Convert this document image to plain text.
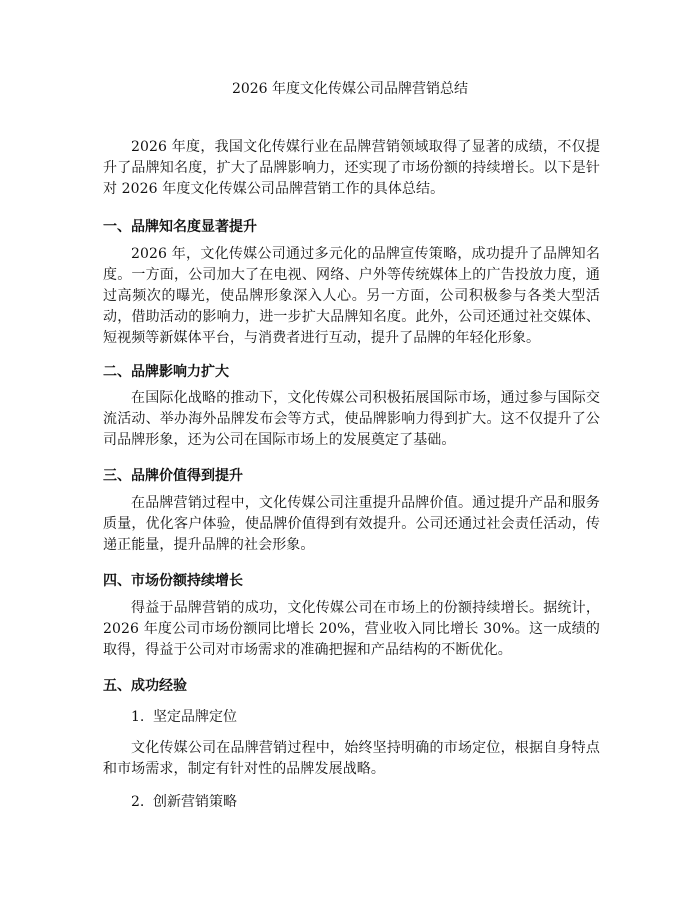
2026 年度文化传媒公司品牌营销总结

2026 年度，我国文化传媒行业在品牌营销领域取得了显著的成绩，不仅提升了品牌知名度，扩大了品牌影响力，还实现了市场份额的持续增长。以下是针对 2026 年度文化传媒公司品牌营销工作的具体总结。

一、品牌知名度显著提升

2026 年，文化传媒公司通过多元化的品牌宣传策略，成功提升了品牌知名度。一方面，公司加大了在电视、网络、户外等传统媒体上的广告投放力度，通过高频次的曝光，使品牌形象深入人心。另一方面，公司积极参与各类大型活动，借助活动的影响力，进一步扩大品牌知名度。此外，公司还通过社交媒体、短视频等新媒体平台，与消费者进行互动，提升了品牌的年轻化形象。

二、品牌影响力扩大

在国际化战略的推动下，文化传媒公司积极拓展国际市场，通过参与国际交流活动、举办海外品牌发布会等方式，使品牌影响力得到扩大。这不仅提升了公司品牌形象，还为公司在国际市场上的发展奠定了基础。

三、品牌价值得到提升

在品牌营销过程中，文化传媒公司注重提升品牌价值。通过提升产品和服务质量，优化客户体验，使品牌价值得到有效提升。公司还通过社会责任活动，传递正能量，提升品牌的社会形象。

四、市场份额持续增长

得益于品牌营销的成功，文化传媒公司在市场上的份额持续增长。据统计，2026 年度公司市场份额同比增长 20%，营业收入同比增长 30%。这一成绩的取得，得益于公司对市场需求的准确把握和产品结构的不断优化。

五、成功经验
1. 坚定品牌定位

文化传媒公司在品牌营销过程中，始终坚持明确的市场定位，根据自身特点和市场需求，制定有针对性的品牌发展战略。

2. 创新营销策略
